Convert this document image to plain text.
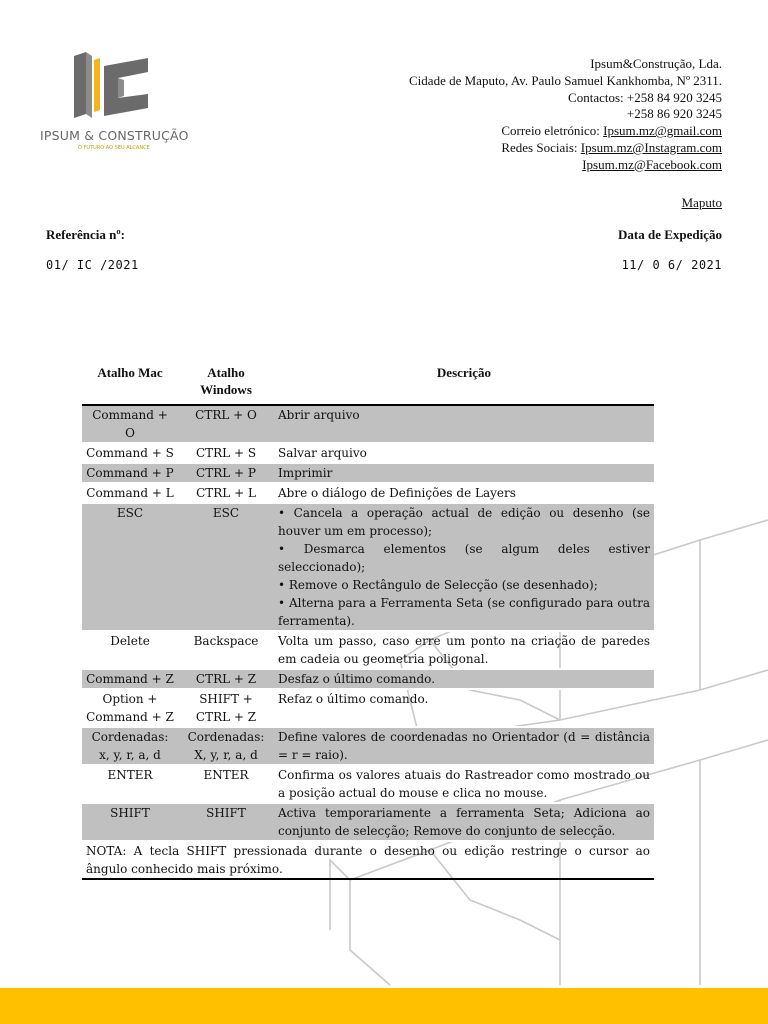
IPSUM & CONSTRUÇÃO
O FUTURO AO SEU ALCANCE
Ipsum&Construção, Lda.
Cidade de Maputo, Av. Paulo Samuel Kankhomba, Nº 2311.
Contactos: +258 84 920 3245
+258 86 920 3245
Correio eletrónico: Ipsum.mz@gmail.com
Redes Sociais: Ipsum.mz@Instagram.com
Ipsum.mz@Facebook.com
Maputo
Referência nº:	Data de Expedição
01/ IC /2021	11/ 0 6/ 2021
Atalho Mac	Atalho Windows	Descrição
Command + O	CTRL + O	Abrir arquivo
Command + S	CTRL + S	Salvar arquivo
Command + P	CTRL + P	Imprimir
Command + L	CTRL + L	Abre o diálogo de Definições de Layers
ESC	ESC	• Cancela a operação actual de edição ou desenho (se houver um em processo);
• Desmarca elementos (se algum deles estiver seleccionado);
• Remove o Rectângulo de Selecção (se desenhado);
• Alterna para a Ferramenta Seta (se configurado para outra ferramenta).
Delete	Backspace	Volta um passo, caso erre um ponto na criação de paredes em cadeia ou geometria poligonal.
Command + Z	CTRL + Z	Desfaz o último comando.
Option + Command + Z	SHIFT + CTRL + Z	Refaz o último comando.
Cordenadas: x, y, r, a, d	Cordenadas: X, y, r, a, d	Define valores de coordenadas no Orientador (d = distância = r = raio).
ENTER	ENTER	Confirma os valores atuais do Rastreador como mostrado ou a posição actual do mouse e clica no mouse.
SHIFT	SHIFT	Activa temporariamente a ferramenta Seta; Adiciona ao conjunto de selecção; Remove do conjunto de selecção.
NOTA: A tecla SHIFT pressionada durante o desenho ou edição restringe o cursor ao ângulo conhecido mais próximo.		
